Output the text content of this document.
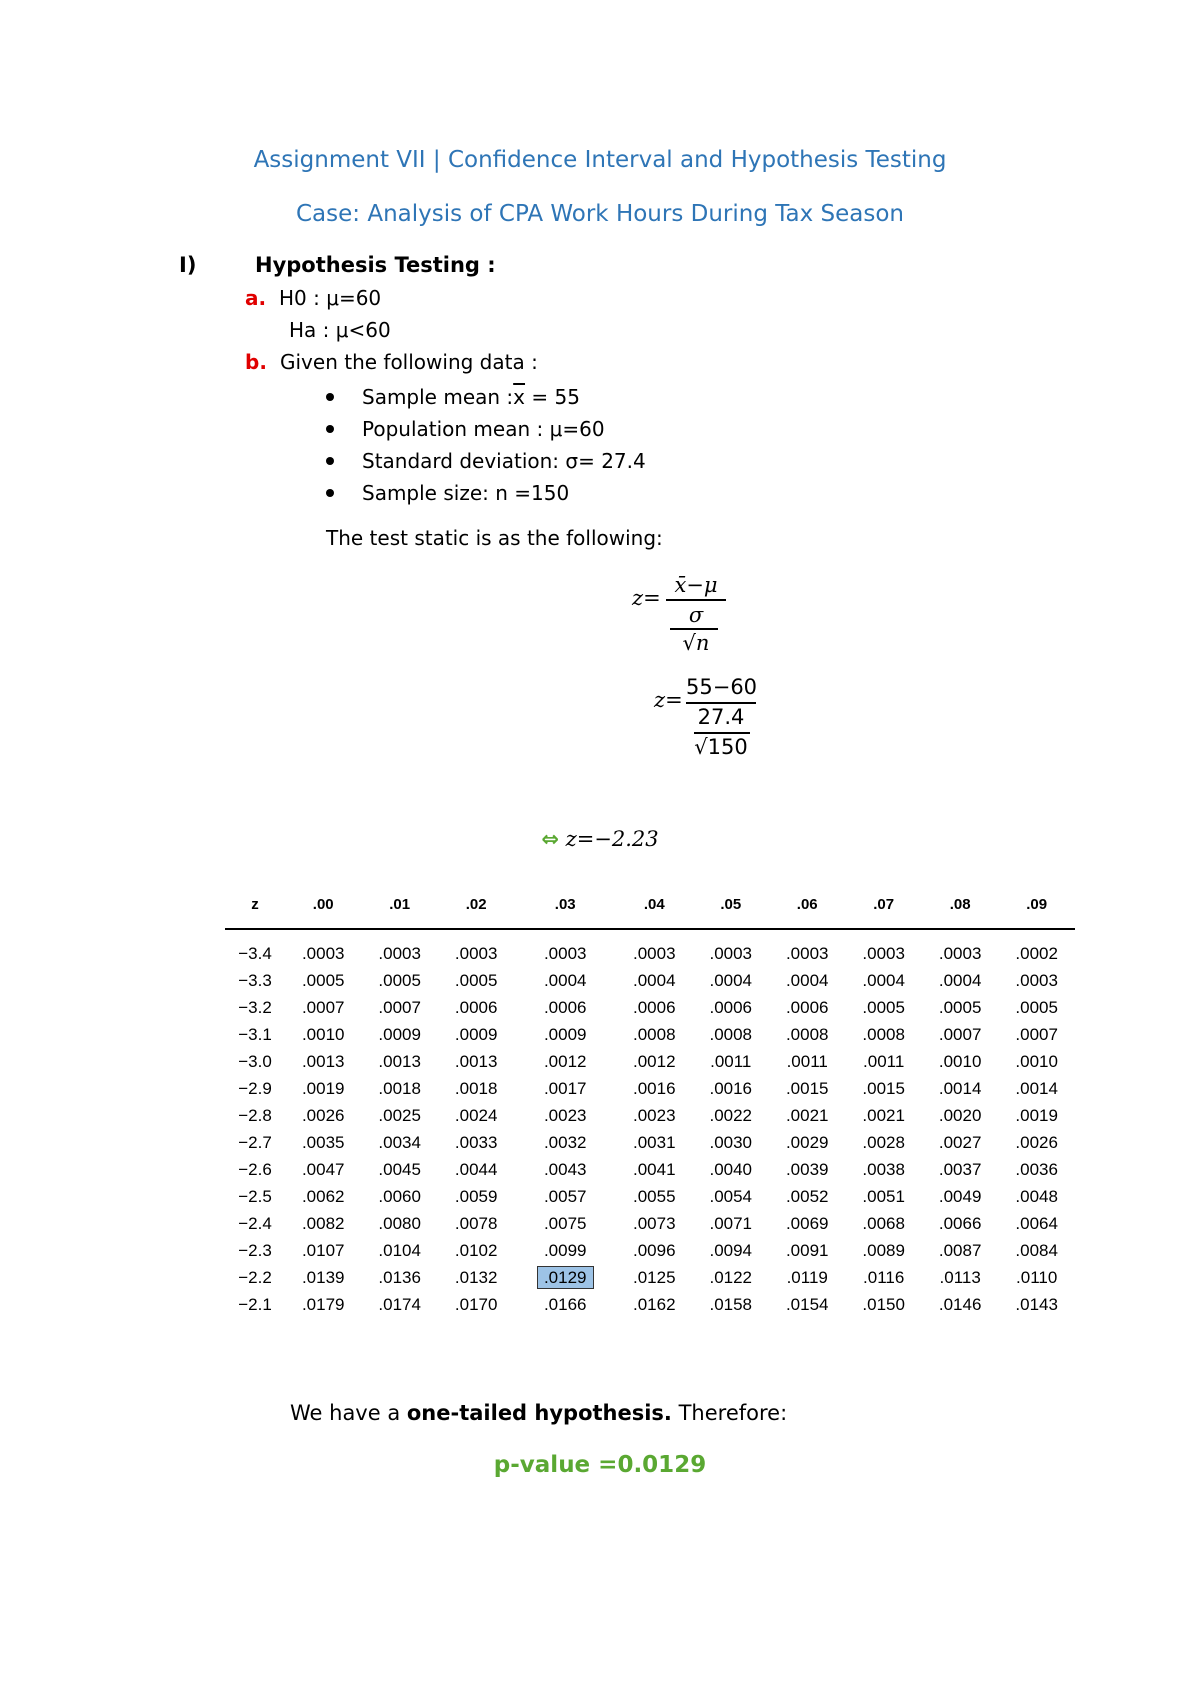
Assignment VII | Confidence Interval and Hypothesis Testing
Case: Analysis of CPA Work Hours During Tax Season
I)	Hypothesis Testing :
a. H0 : μ=60
Ha : μ<60
b. Given the following data :
Sample mean $:\overline{x} = 55$
Population mean : μ=60
Standard deviation: σ= 27.4
Sample size: n =150
The test static is as the following:
z=
x̄−μ
σ
√n
z=
55−60
27.4
√150
⇔ z=−2.23
z	.00	.01	.02	.03	.04	.05	.06	.07	.08	.09
−3.4	.0003	.0003	.0003	.0003	.0003	.0003	.0003	.0003	.0003	.0002
−3.3	.0005	.0005	.0005	.0004	.0004	.0004	.0004	.0004	.0004	.0003
−3.2	.0007	.0007	.0006	.0006	.0006	.0006	.0006	.0005	.0005	.0005
−3.1	.0010	.0009	.0009	.0009	.0008	.0008	.0008	.0008	.0007	.0007
−3.0	.0013	.0013	.0013	.0012	.0012	.0011	.0011	.0011	.0010	.0010
−2.9	.0019	.0018	.0018	.0017	.0016	.0016	.0015	.0015	.0014	.0014
−2.8	.0026	.0025	.0024	.0023	.0023	.0022	.0021	.0021	.0020	.0019
−2.7	.0035	.0034	.0033	.0032	.0031	.0030	.0029	.0028	.0027	.0026
−2.6	.0047	.0045	.0044	.0043	.0041	.0040	.0039	.0038	.0037	.0036
−2.5	.0062	.0060	.0059	.0057	.0055	.0054	.0052	.0051	.0049	.0048
−2.4	.0082	.0080	.0078	.0075	.0073	.0071	.0069	.0068	.0066	.0064
−2.3	.0107	.0104	.0102	.0099	.0096	.0094	.0091	.0089	.0087	.0084
−2.2	.0139	.0136	.0132	.0129	.0125	.0122	.0119	.0116	.0113	.0110
−2.1	.0179	.0174	.0170	.0166	.0162	.0158	.0154	.0150	.0146	.0143
We have a one-tailed hypothesis. Therefore:
p-value =0.0129
